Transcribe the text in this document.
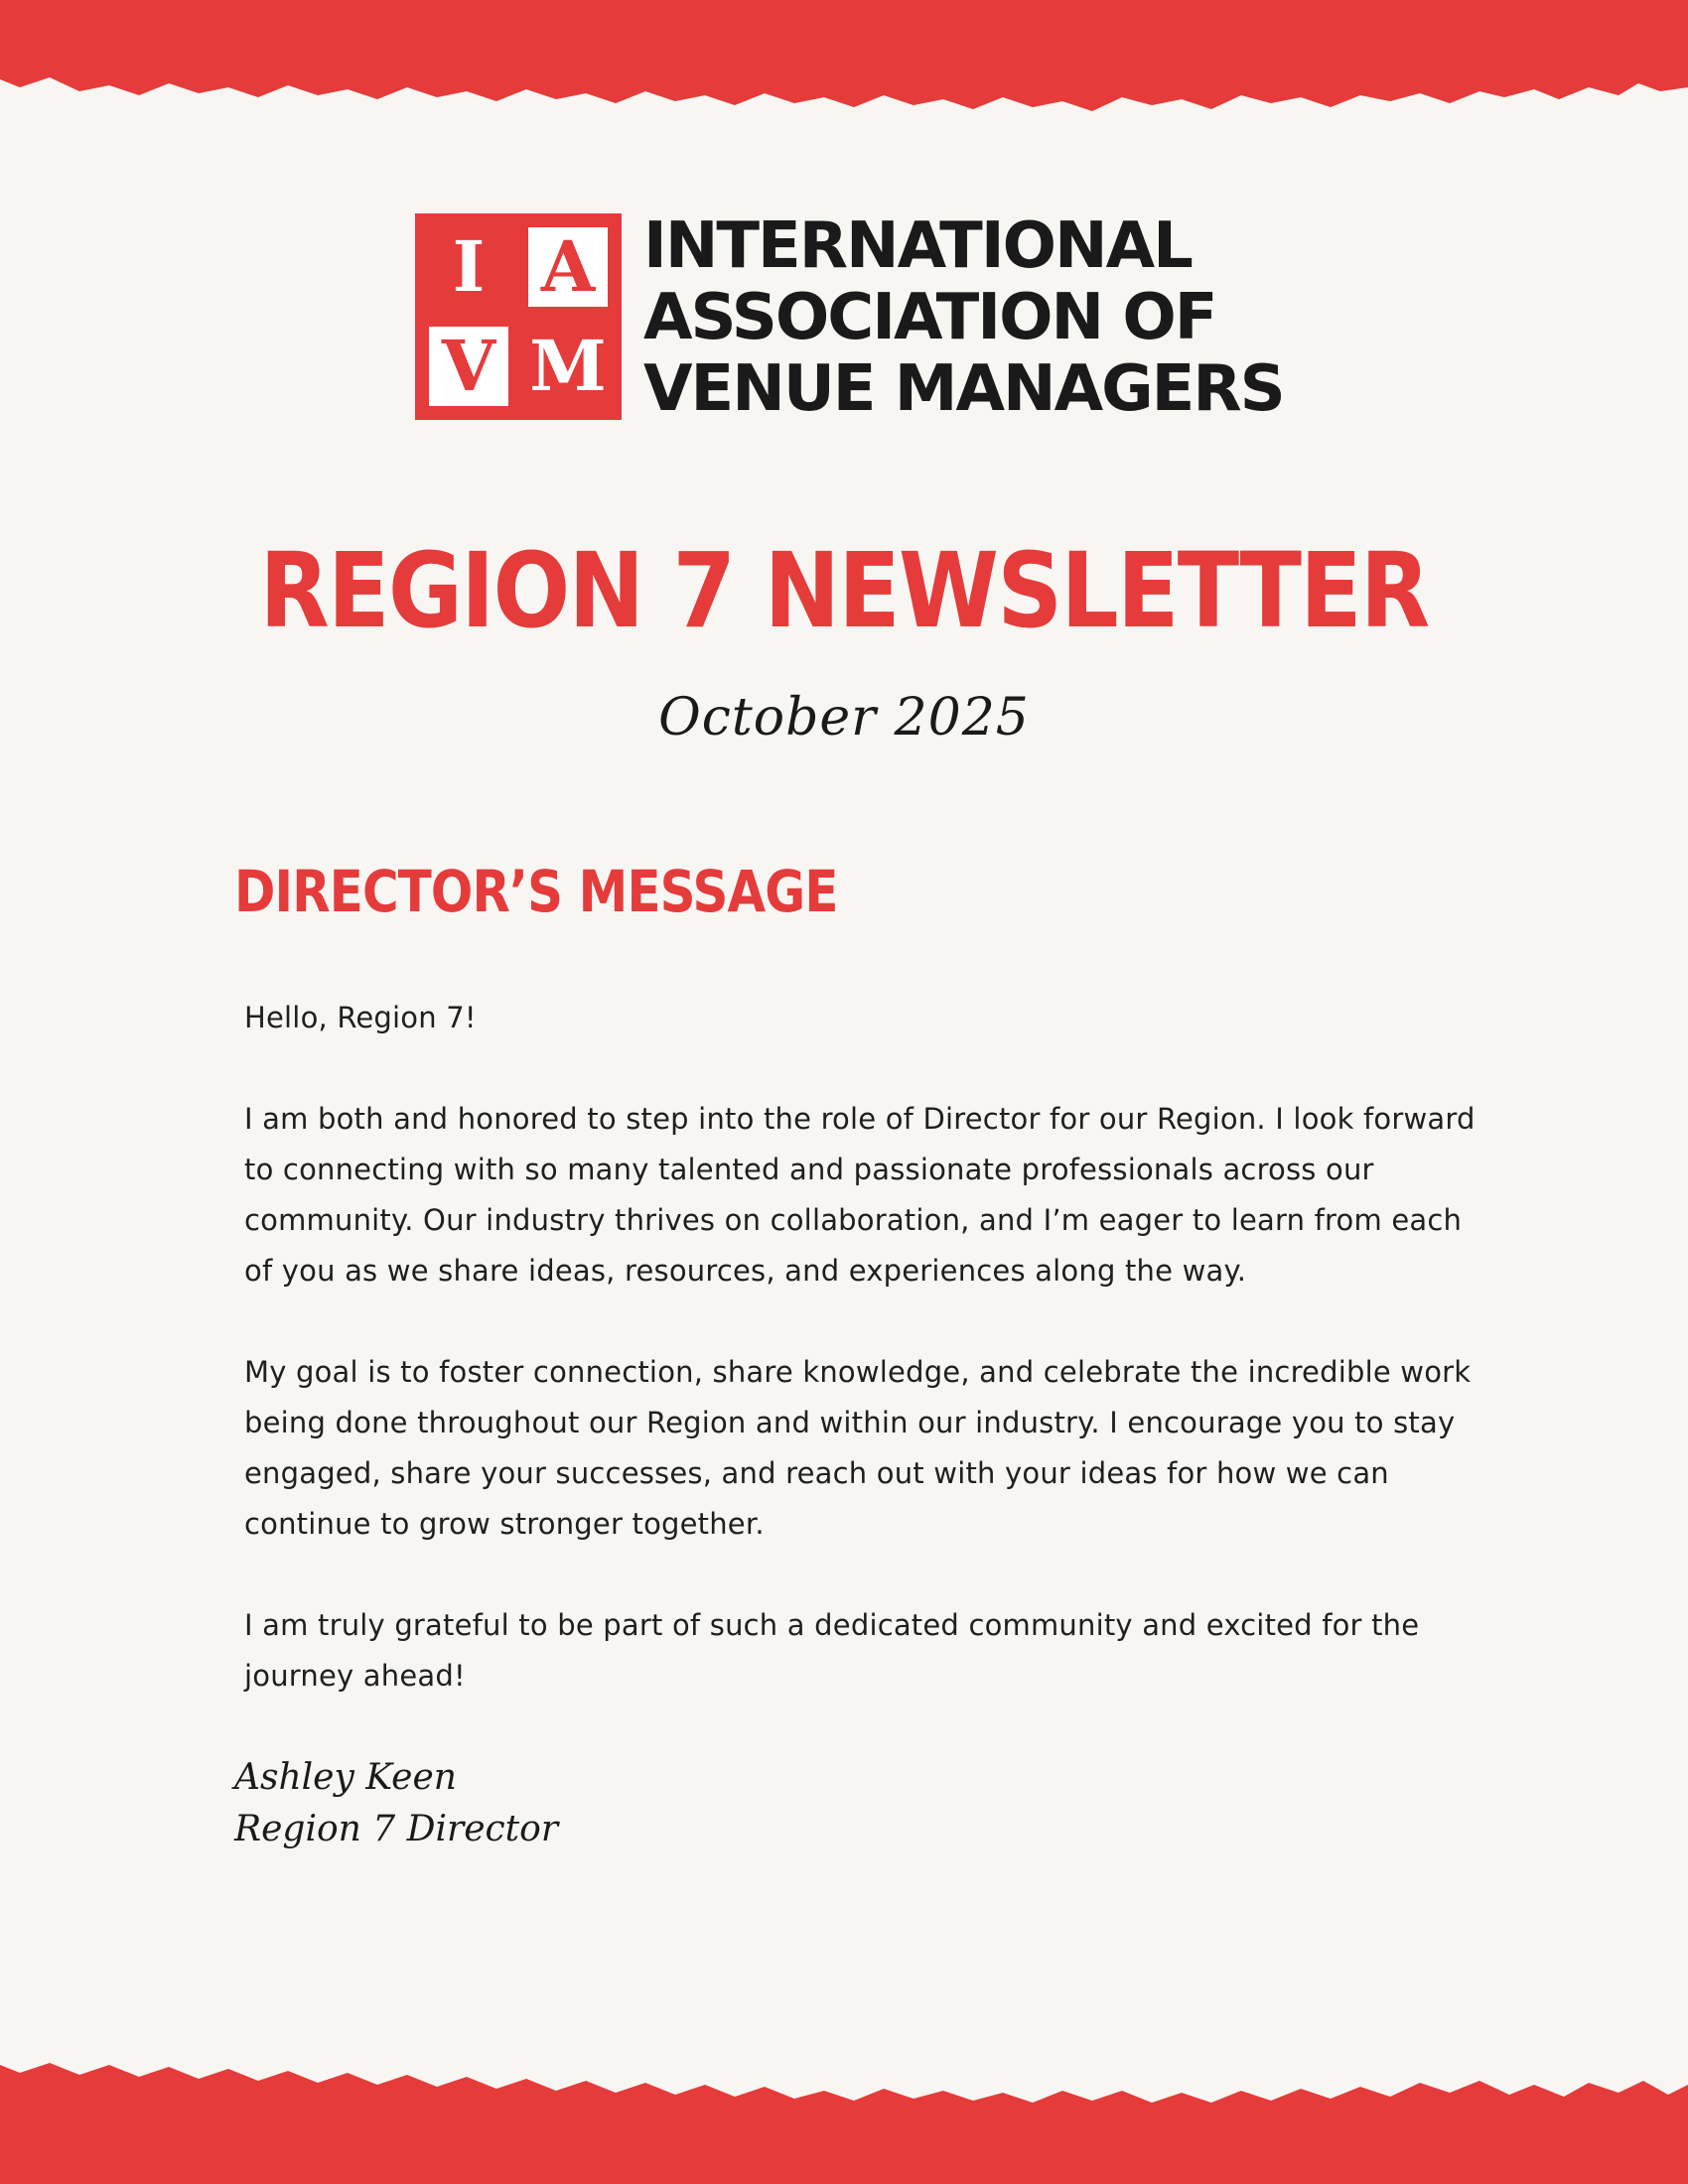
I A
V M
INTERNATIONAL
ASSOCIATION OF
VENUE MANAGERS
REGION 7 NEWSLETTER
October 2025
DIRECTOR’S MESSAGE

Hello, Region 7!

I am both and honored to step into the role of Director for our Region. I look forward to connecting with so many talented and passionate professionals across our community. Our industry thrives on collaboration, and I’m eager to learn from each of you as we share ideas, resources, and experiences along the way.

My goal is to foster connection, share knowledge, and celebrate the incredible work being done throughout our Region and within our industry. I encourage you to stay engaged, share your successes, and reach out with your ideas for how we can continue to grow stronger together.

I am truly grateful to be part of such a dedicated community and excited for the journey ahead!

Ashley Keen
Region 7 Director
